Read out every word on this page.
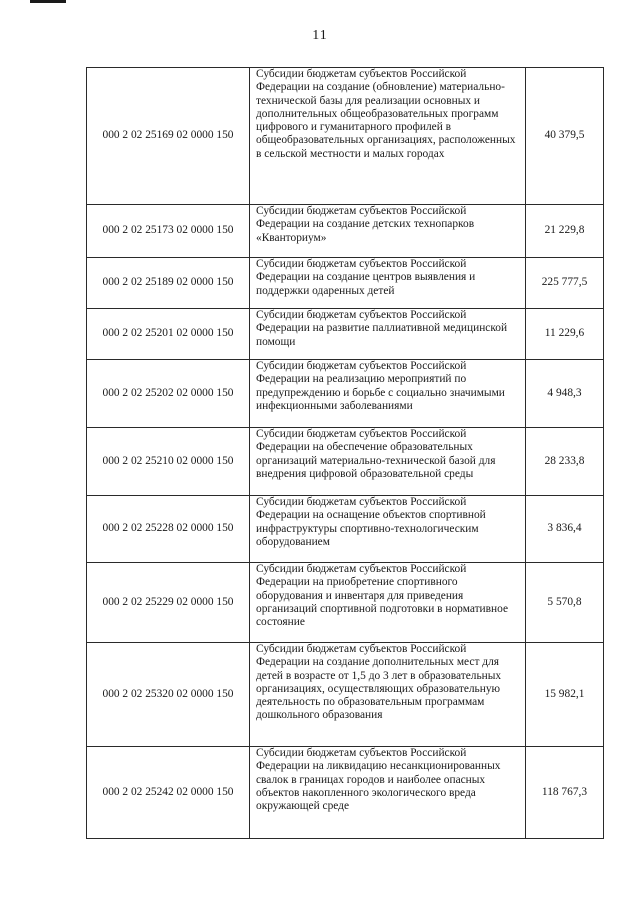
11
000 2 02 25169 02 0000 150	Субсидии бюджетам субъектов Российской Федерации на создание (обновление) материально-технической базы для реализации основных и дополнительных общеобразовательных программ цифрового и гуманитарного профилей в общеобразовательных организациях, расположенных в сельской местности и малых городах	40 379,5
000 2 02 25173 02 0000 150	Субсидии бюджетам субъектов Российской Федерации на создание детских технопарков «Кванториум»	21 229,8
000 2 02 25189 02 0000 150	Субсидии бюджетам субъектов Российской Федерации на создание центров выявления и поддержки одаренных детей	225 777,5
000 2 02 25201 02 0000 150	Субсидии бюджетам субъектов Российской Федерации на развитие паллиативной медицинской помощи	11 229,6
000 2 02 25202 02 0000 150	Субсидии бюджетам субъектов Российской Федерации на реализацию мероприятий по предупреждению и борьбе с социально значимыми инфекционными заболеваниями	4 948,3
000 2 02 25210 02 0000 150	Субсидии бюджетам субъектов Российской Федерации на обеспечение образовательных организаций материально-технической базой для внедрения цифровой образовательной среды	28 233,8
000 2 02 25228 02 0000 150	Субсидии бюджетам субъектов Российской Федерации на оснащение объектов спортивной инфраструктуры спортивно-технологическим оборудованием	3 836,4
000 2 02 25229 02 0000 150	Субсидии бюджетам субъектов Российской Федерации на приобретение спортивного оборудования и инвентаря для приведения организаций спортивной подготовки в нормативное состояние	5 570,8
000 2 02 25320 02 0000 150	Субсидии бюджетам субъектов Российской Федерации на создание дополнительных мест для детей в возрасте от 1,5 до 3 лет в образовательных организациях, осуществляющих образовательную деятельность по образовательным программам дошкольного образования	15 982,1
000 2 02 25242 02 0000 150	Субсидии бюджетам субъектов Российской Федерации на ликвидацию несанкционированных свалок в границах городов и наиболее опасных объектов накопленного экологического вреда окружающей среде	118 767,3
